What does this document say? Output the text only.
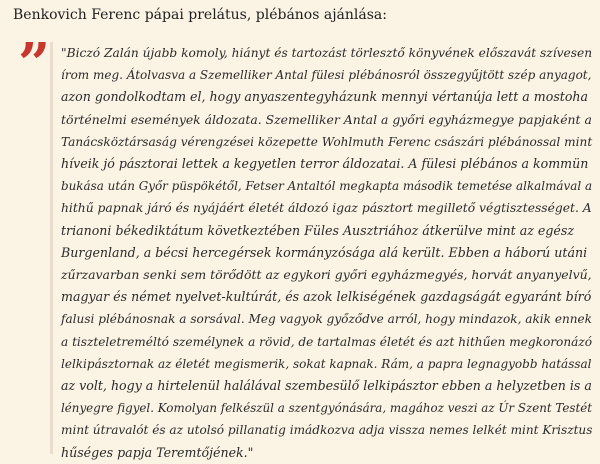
Benkovich Ferenc pápai prelátus, plébános ajánlása:
” "Biczó Zalán újabb komoly, hiányt és tartozást törlesztő könyvének előszavát szívesen
írom meg. Átolvasva a Szemelliker Antal fülesi plébánosról összegyűjtött szép anyagot,
azon gondolkodtam el, hogy anyaszentegyházunk mennyi vértanúja lett a mostoha
történelmi események áldozata. Szemelliker Antal a győri egyházmegye papjaként a
Tanácsköztársaság vérengzései közepette Wohlmuth Ferenc császári plébánossal mint
híveik jó pásztorai lettek a kegyetlen terror áldozatai. A fülesi plébános a kommün
bukása után Győr püspökétől, Fetser Antaltól megkapta második temetése alkalmával a
hithű papnak járó és nyájáért életét áldozó igaz pásztort megillető végtisztességet. A
trianoni békediktátum következtében Füles Ausztriához átkerülve mint az egész
Burgenland, a bécsi hercegérsek kormányzósága alá került. Ebben a háború utáni
zűrzavarban senki sem törődött az egykori győri egyházmegyés, horvát anyanyelvű,
magyar és német nyelvet-kultúrát, és azok lelkiségének gazdagságát egyaránt bíró
falusi plébánosnak a sorsával. Meg vagyok győződve arról, hogy mindazok, akik ennek
a tiszteletreméltó személynek a rövid, de tartalmas életét és azt hithűen megkoronázó
lelkipásztornak az életét megismerik, sokat kapnak. Rám, a papra legnagyobb hatással
az volt, hogy a hirtelenül halálával szembesülő lelkipásztor ebben a helyzetben is a
lényegre figyel. Komolyan felkészül a szentgyónására, magához veszi az Úr Szent Testét
mint útravalót és az utolsó pillanatig imádkozva adja vissza nemes lelkét mint Krisztus
hűséges papja Teremtőjének."
